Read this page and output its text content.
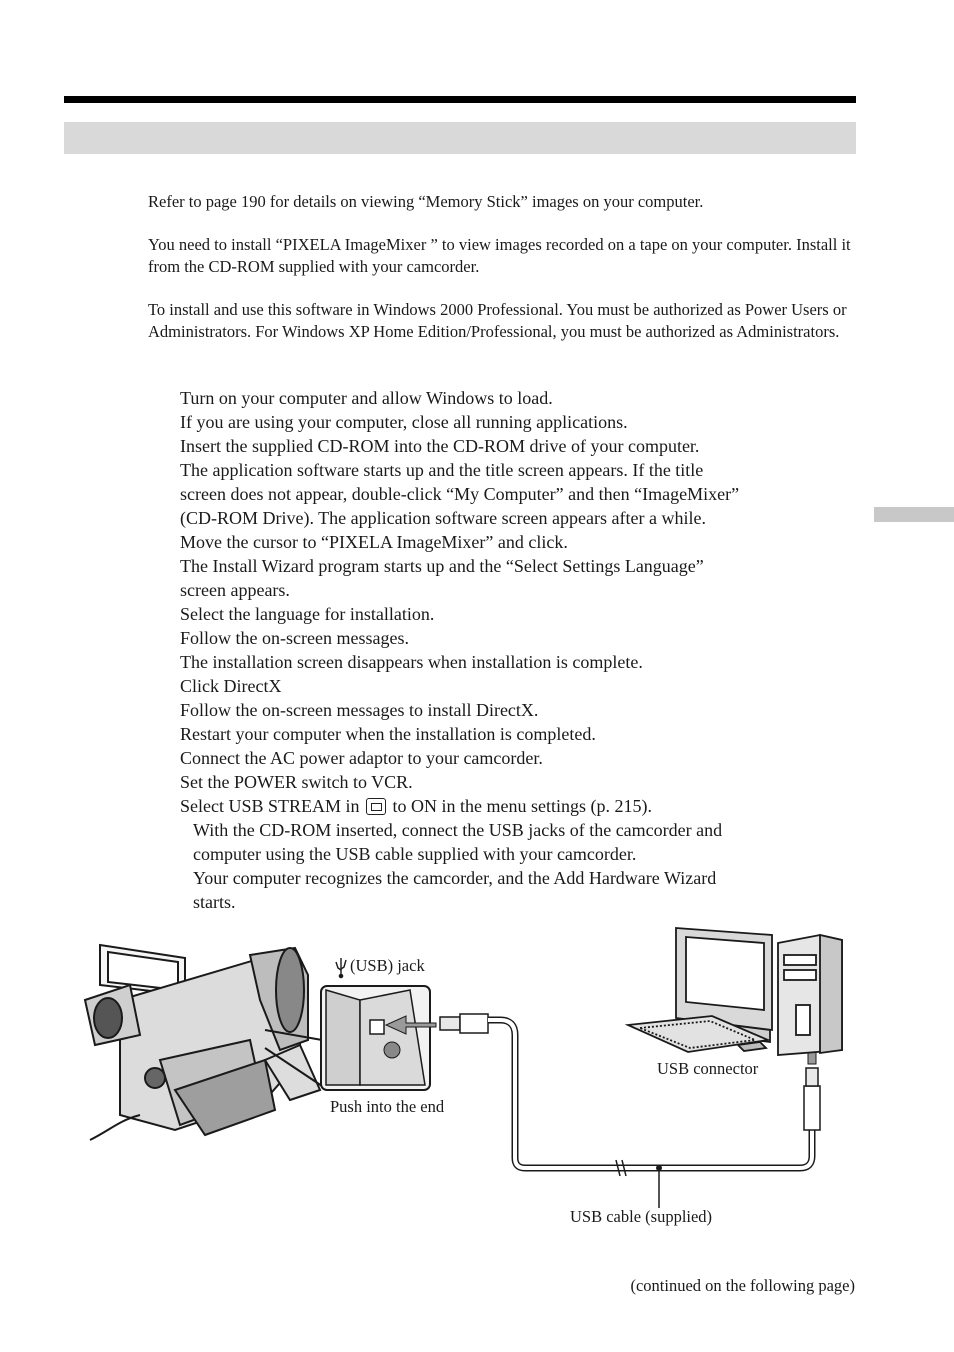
Refer to page 190 for details on viewing “Memory Stick” images on your computer.

You need to install “PIXELA ImageMixer ” to view images recorded on a tape on your computer. Install it from the CD-ROM supplied with your camcorder.

To install and use this software in Windows 2000 Professional. You must be authorized as Power Users or Administrators. For Windows XP Home Edition/Professional, you must be authorized as Administrators.

Turn on your computer and allow Windows to load.
If you are using your computer, close all running applications.
Insert the supplied CD-ROM into the CD-ROM drive of your computer.
The application software starts up and the title screen appears. If the title
screen does not appear, double-click “My Computer” and then “ImageMixer”
(CD-ROM Drive). The application software screen appears after a while.
Move the cursor to “PIXELA ImageMixer” and click.
The Install Wizard program starts up and the “Select Settings Language”
screen appears.
Select the language for installation.
Follow the on-screen messages.
The installation screen disappears when installation is complete.
Click DirectX
Follow the on-screen messages to install DirectX.
Restart your computer when the installation is completed.
Connect the AC power adaptor to your camcorder.
Set the POWER switch to VCR.
Select USB STREAM in to ON in the menu settings (p. 215).
With the CD-ROM inserted, connect the USB jacks of the camcorder and
computer using the USB cable supplied with your camcorder.
Your computer recognizes the camcorder, and the Add Hardware Wizard
starts.
(USB) jack
Push into the end
USB connector
USB cable (supplied)
(continued on the following page)
